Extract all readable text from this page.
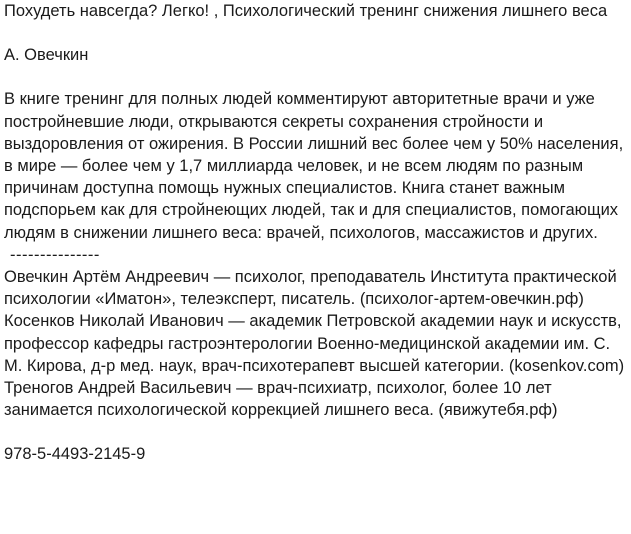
Похудеть навсегда? Легко! , Психологический тренинг снижения лишнего веса

А. Овечкин

В книге тренинг для полных людей комментируют авторитетные врачи и уже постройневшие люди, открываются секреты сохранения стройности и выздоровления от ожирения. В России лишний вес более чем у 50% населения, в мире — более чем у 1,7 миллиарда человек, и не всем людям по разным причинам доступна помощь нужных специалистов. Книга станет важным подспорьем как для стройнеющих людей, так и для специалистов, помогающих людям в снижении лишнего веса: врачей, психологов, массажистов и других.

---------------

Овечкин Артём Андреевич — психолог, преподаватель Института практической психологии «Иматон», телеэксперт, писатель. (психолог-артем-овечкин.рф) Косенков Николай Иванович — академик Петровской академии наук и искусств, профессор кафедры гастроэнтерологии Военно-медицинской академии им. С. М. Кирова, д-р мед. наук, врач-психотерапевт высшей категории. (kosenkov.com) Треногов Андрей Васильевич — врач-психиатр, психолог, более 10 лет занимается психологической коррекцией лишнего веса. (явижутебя.рф)

978-5-4493-2145-9
